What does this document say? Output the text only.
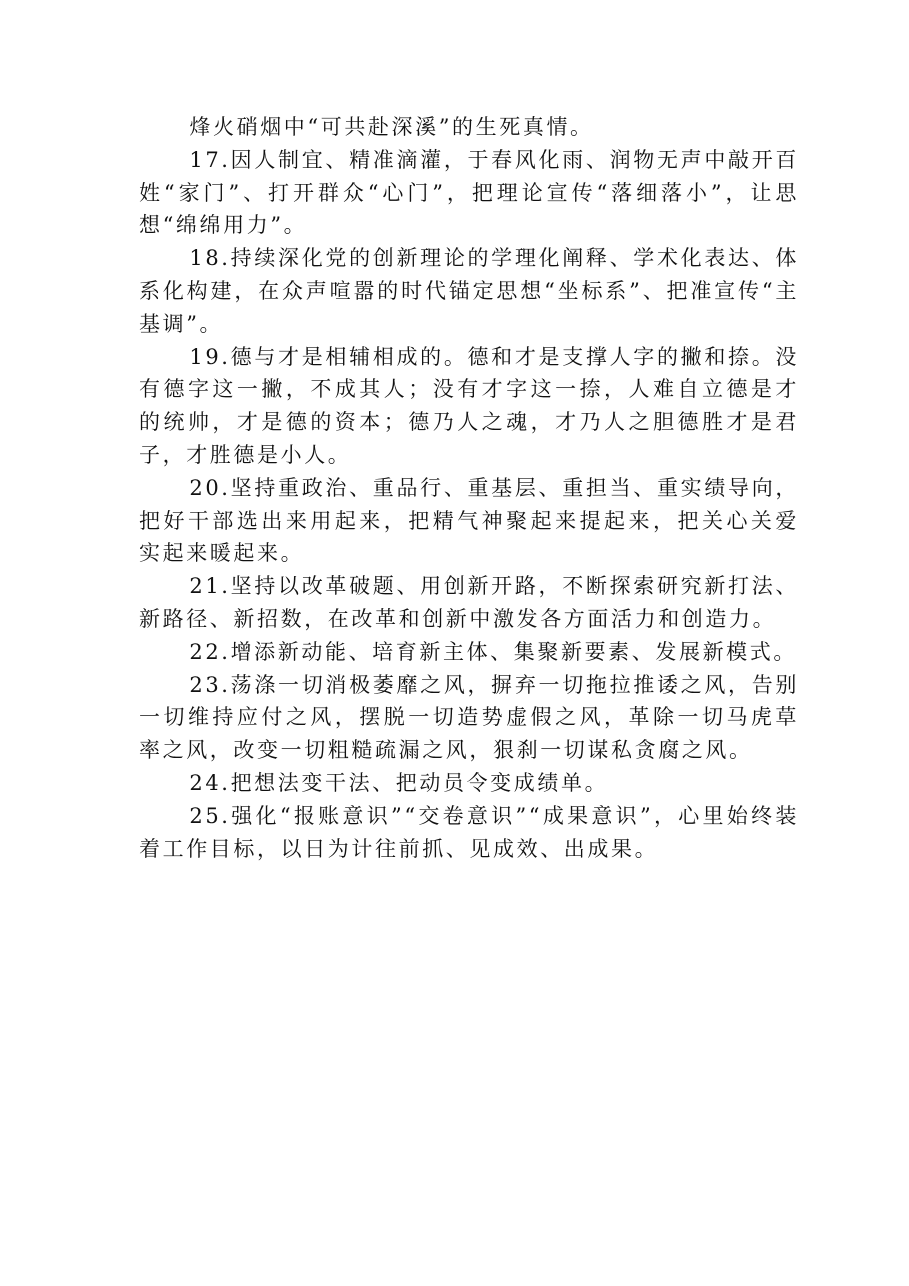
烽火硝烟中“可共赴深溪”的生死真情。

17.因人制宜、精准滴灌，于春风化雨、润物无声中敲开百姓“家门”、打开群众“心门”，把理论宣传“落细落小”，让思想“绵绵用力”。

18.持续深化党的创新理论的学理化阐释、学术化表达、体系化构建，在众声喧嚣的时代锚定思想“坐标系”、把准宣传“主基调”。

19.德与才是相辅相成的。德和才是支撑人字的撇和捺。没有德字这一撇，不成其人；没有才字这一捺，人难自立德是才的统帅，才是德的资本；德乃人之魂，才乃人之胆德胜才是君子，才胜德是小人。

20.坚持重政治、重品行、重基层、重担当、重实绩导向，把好干部选出来用起来，把精气神聚起来提起来，把关心关爱实起来暖起来。

21.坚持以改革破题、用创新开路，不断探索研究新打法、新路径、新招数，在改革和创新中激发各方面活力和创造力。

22.增添新动能、培育新主体、集聚新要素、发展新模式。

23.荡涤一切消极萎靡之风，摒弃一切拖拉推诿之风，告别一切维持应付之风，摆脱一切造势虚假之风，革除一切马虎草率之风，改变一切粗糙疏漏之风，狠刹一切谋私贪腐之风。

24.把想法变干法、把动员令变成绩单。

25.强化“报账意识”“交卷意识”“成果意识”，心里始终装着工作目标，以日为计往前抓、见成效、出成果。
